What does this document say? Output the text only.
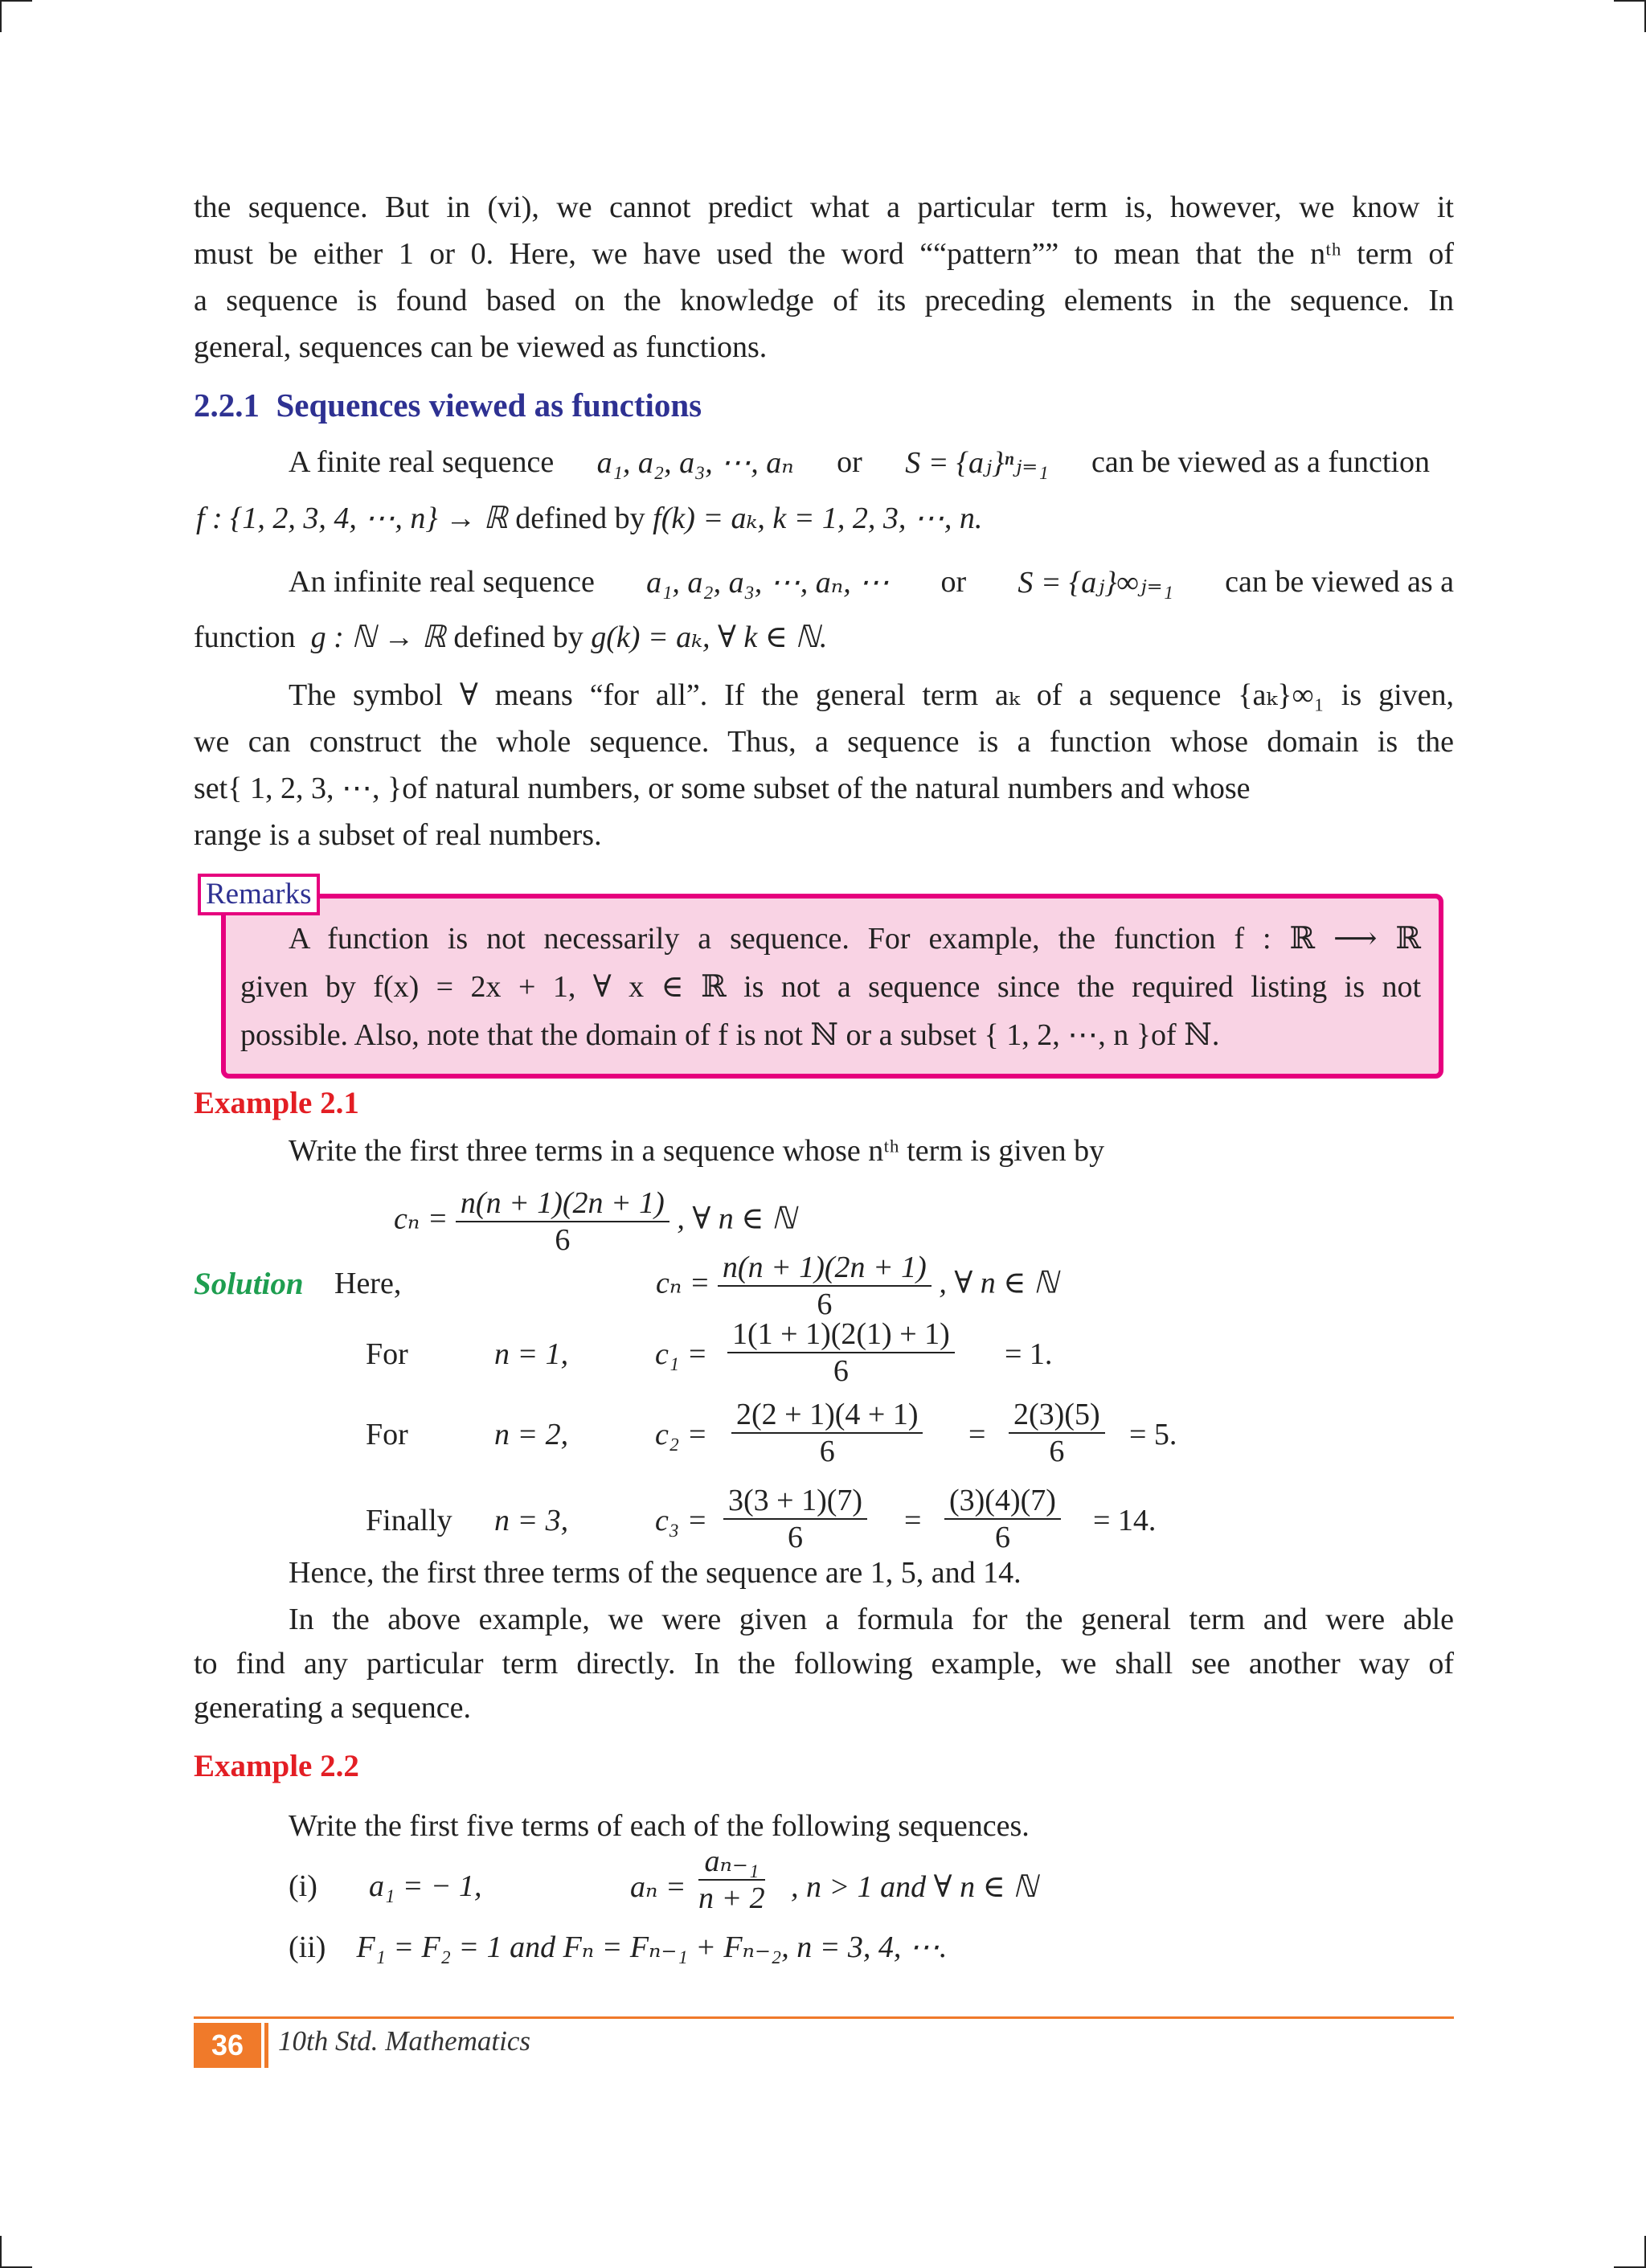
the sequence. But in (vi), we cannot predict what a particular term is, however, we know it

must be either 1 or 0. Here, we have used the word ““pattern”” to mean that the nᵗʰ term of

a sequence is found based on the knowledge of its preceding elements in the sequence. In

general, sequences can be viewed as functions.

2.2.1 Sequences viewed as functions
A finite real sequence a₁, a₂, a₃, ⋯, aₙ or S = {aⱼ}ⁿⱼ₌₁ can be viewed as a function
f : {1, 2, 3, 4, ⋯, n} → ℝ defined by f(k) = aₖ, k = 1, 2, 3, ⋯, n.
An infinite real sequence a₁, a₂, a₃, ⋯, aₙ, ⋯ or S = {aⱼ}∞ⱼ₌₁ can be viewed as a
function g : ℕ → ℝ defined by g(k) = aₖ, ∀ k ∈ ℕ.

The symbol ∀ means “for all”. If the general term aₖ of a sequence {aₖ}∞₁ is given,

we can construct the whole sequence. Thus, a sequence is a function whose domain is the

set{ 1, 2, 3, ⋯, }of natural numbers, or some subset of the natural numbers and whose

range is a subset of real numbers.

Remarks
A function is not necessarily a sequence. For example, the function f : ℝ ⟶ ℝ
given by f(x) = 2x + 1, ∀ x ∈ ℝ is not a sequence since the required listing is not
possible. Also, note that the domain of f is not ℕ or a subset { 1, 2, ⋯, n }of ℕ.
Example 2.1
Write the first three terms in a sequence whose nᵗʰ term is given by
$c_n = \frac{n(n + 1)(2n + 1)}{6}$ , ∀ n ∈ ℕ
Solution Here,	$c_n = \frac{n(n + 1)(2n + 1)}{6}$ , ∀ n ∈ ℕ
For	n = 1,	$c_1 = \frac{1(1 + 1)(2(1) + 1)}{6} = 1$.
For	n = 2,	$c_2 = \frac{2(2 + 1)(4 + 1)}{6} = \frac{2(3)(5)}{6} = 5$.
Finally n = 3,	$c_3 = \frac{3(3 + 1)(7)}{6} = \frac{(3)(4)(7)}{6} = 14$.
Hence, the first three terms of the sequence are 1, 5, and 14.

In the above example, we were given a formula for the general term and were able

to find any particular term directly. In the following example, we shall see another way of

generating a sequence.

Example 2.2
Write the first five terms of each of the following sequences.
(i) a₁ = − 1,	$a_n = \frac{\text{aₙ₋₁}}{n + 2}$ , n > 1 and ∀ n ∈ ℕ
(ii) F₁ = F₂ = 1 and Fₙ = Fₙ₋₁ + Fₙ₋₂, n = 3, 4, ⋯.
36	10th Std. Mathematics
